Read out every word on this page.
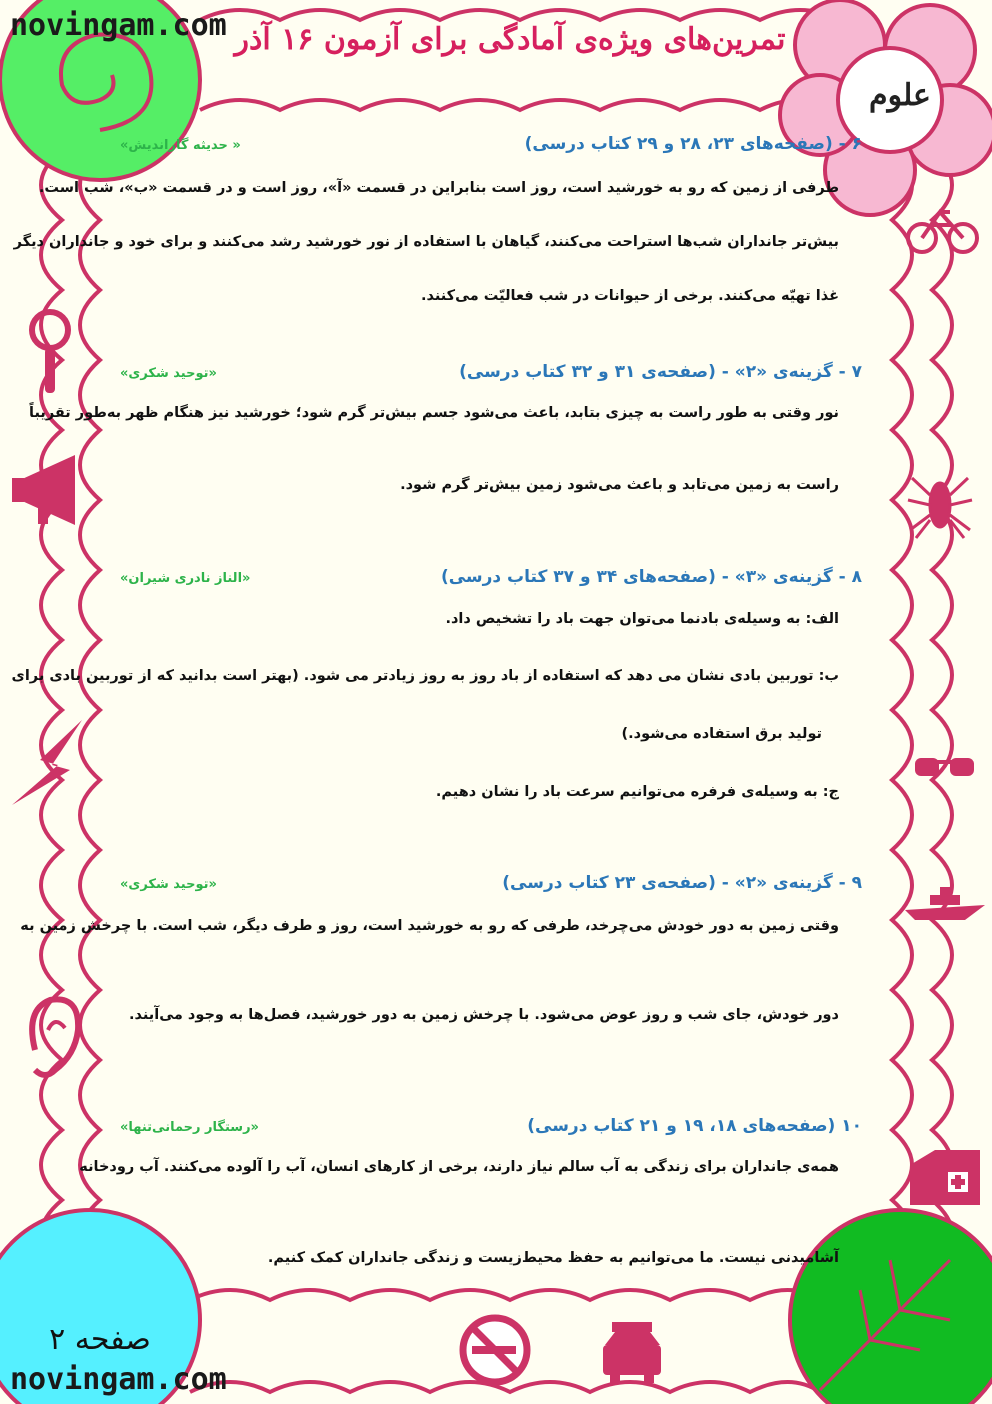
novingam.com تمرین‌های ویژه‌ی آمادگی برای آزمون ۱۶ آذر
علوم
۶ - (صفحه‌های ۲۳، ۲۸ و ۲۹ کتاب درسی)
« حدیثه گاراندیش»
طرفی از زمین که رو به خورشید است، روز است بنابراین در قسمت «آ»، روز است و در قسمت «ب»، شب است.
بیش‌تر جانداران شب‌ها استراحت می‌کنند، گیاهان با استفاده از نور خورشید رشد می‌کنند و برای خود و جانداران دیگر
غذا تهیّه می‌کنند. برخی از حیوانات در شب فعالیّت می‌کنند.
۷ - گزینه‌ی «۲» - (صفحه‌ی ۳۱ و ۳۲ کتاب درسی)
«توحید شکری»
نور وقتی به طور راست به چیزی بتابد، باعث می‌شود جسم بیش‌تر گرم شود؛ خورشید نیز هنگام ظهر به‌طور تقریباً
راست به زمین می‌تابد و باعث می‌شود زمین بیش‌تر گرم شود.
۸ - گزینه‌ی «۳» - (صفحه‌های ۳۴ و ۳۷ کتاب درسی)
«الناز نادری شیران»
الف: به وسیله‌ی بادنما می‌توان جهت باد را تشخیص داد.
ب: توربین بادی نشان می دهد که استفاده از باد روز به روز زیادتر می شود. (بهتر است بدانید که از توربین بادی برای
تولید برق استفاده می‌شود.)
ج: به وسیله‌ی فرفره می‌توانیم سرعت باد را نشان دهیم.
۹ - گزینه‌ی «۲» - (صفحه‌ی ۲۳ کتاب درسی)
«توحید شکری»
وقتی زمین به دور خودش می‌چرخد، طرفی که رو به خورشید است، روز و طرف دیگر، شب است. با چرخش زمین به
دور خودش، جای شب و روز عوض می‌شود. با چرخش زمین به دور خورشید، فصل‌ها به وجود می‌آیند.
۱۰ (صفحه‌های ۱۸، ۱۹ و ۲۱ کتاب درسی)
«رستگار رحمانی‌تنها»
همه‌ی جانداران برای زندگی به آب سالم نیاز دارند، برخی از کارهای انسان، آب را آلوده می‌کنند. آب رودخانه
آشامیدنی نیست. ما می‌توانیم به حفظ محیط‌زیست و زندگی جانداران کمک کنیم.
صفحه ۲
novingam.com
